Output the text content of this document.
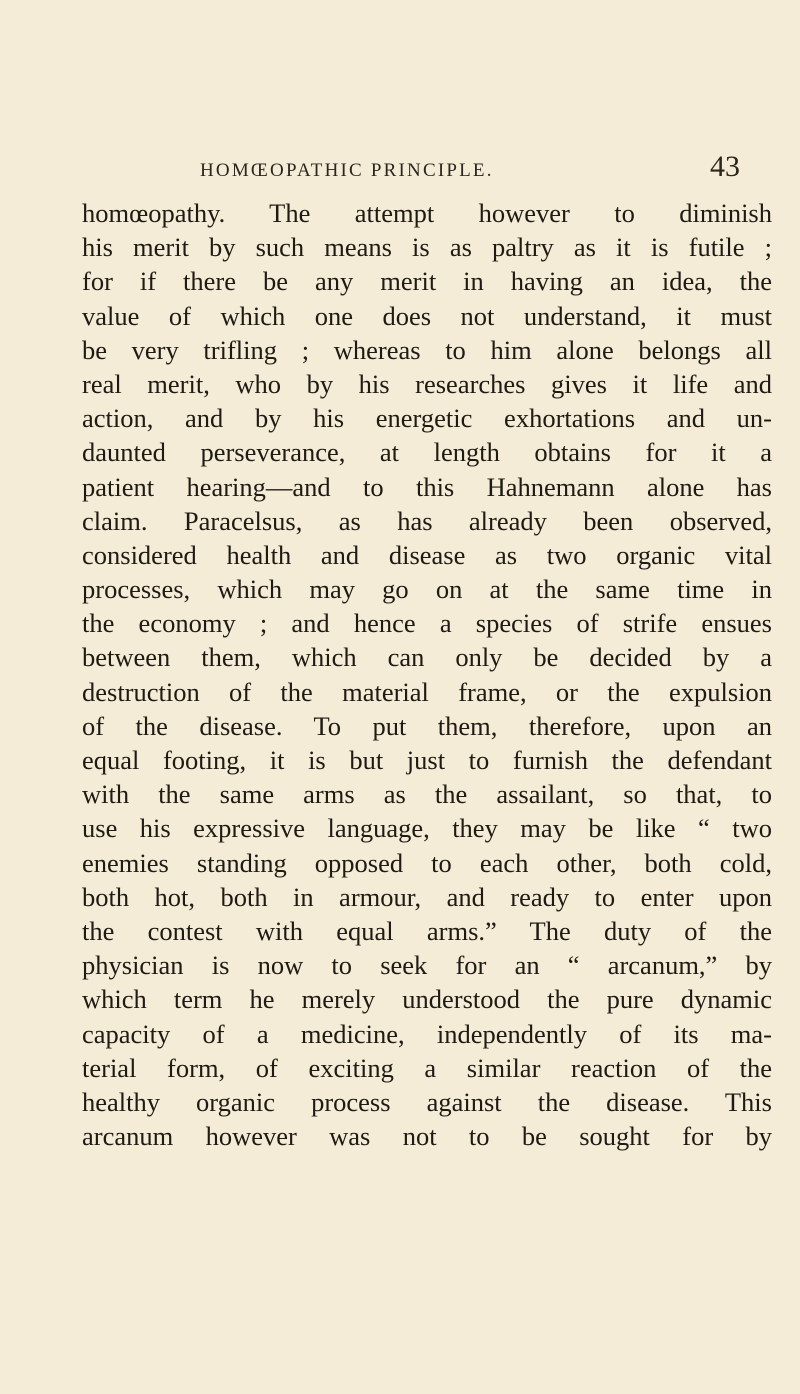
HOMŒOPATHIC PRINCIPLE.	43
homœopathy. The attempt however to diminish
his merit by such means is as paltry as it is futile ;
for if there be any merit in having an idea, the
value of which one does not understand, it must
be very trifling ; whereas to him alone belongs all
real merit, who by his researches gives it life and
action, and by his energetic exhortations and un-
daunted perseverance, at length obtains for it a
patient hearing—and to this Hahnemann alone has
claim. Paracelsus, as has already been observed,
considered health and disease as two organic vital
processes, which may go on at the same time in
the economy ; and hence a species of strife ensues
between them, which can only be decided by a
destruction of the material frame, or the expulsion
of the disease. To put them, therefore, upon an
equal footing, it is but just to furnish the defendant
with the same arms as the assailant, so that, to
use his expressive language, they may be like “ two
enemies standing opposed to each other, both cold,
both hot, both in armour, and ready to enter upon
the contest with equal arms.” The duty of the
physician is now to seek for an “ arcanum,” by
which term he merely understood the pure dynamic
capacity of a medicine, independently of its ma-
terial form, of exciting a similar reaction of the
healthy organic process against the disease. This
arcanum however was not to be sought for by
